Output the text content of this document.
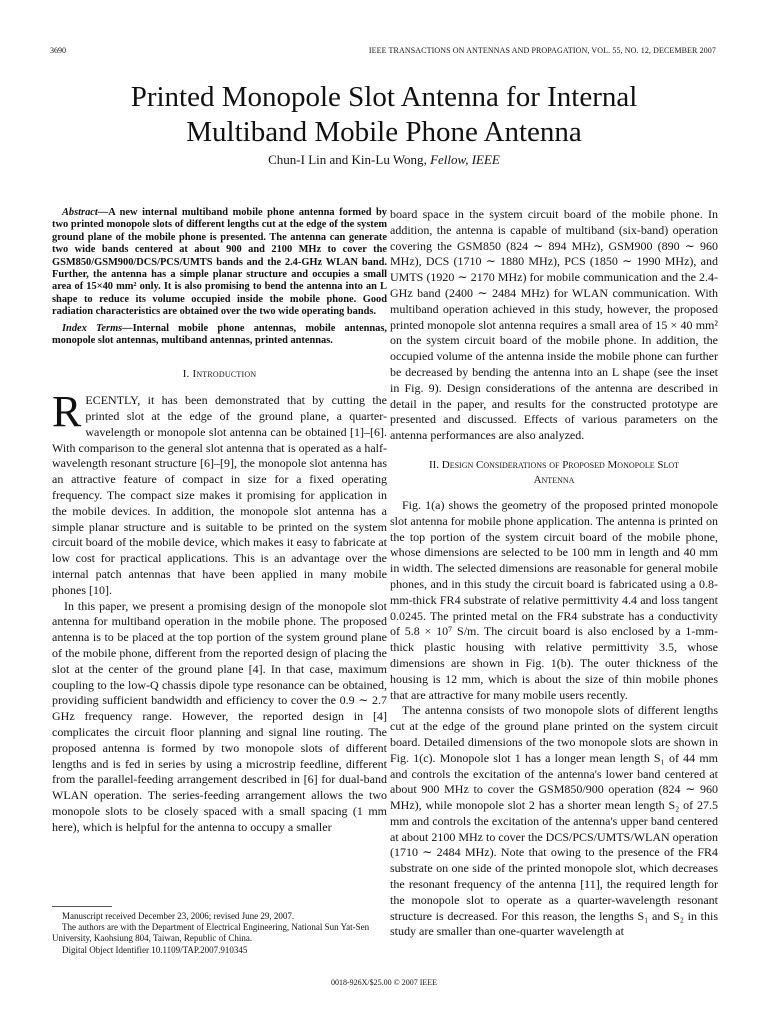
3690	IEEE TRANSACTIONS ON ANTENNAS AND PROPAGATION, VOL. 55, NO. 12, DECEMBER 2007
Printed Monopole Slot Antenna for Internal
Multiband Mobile Phone Antenna
Chun-I Lin and Kin-Lu Wong, Fellow, IEEE

Abstract—A new internal multiband mobile phone antenna formed by two printed monopole slots of different lengths cut at the edge of the system ground plane of the mobile phone is presented. The antenna can generate two wide bands centered at about 900 and 2100 MHz to cover the GSM850/GSM900/DCS/PCS/UMTS bands and the 2.4-GHz WLAN band. Further, the antenna has a simple planar structure and occupies a small area of 15×40 mm² only. It is also promising to bend the antenna into an L shape to reduce its volume occupied inside the mobile phone. Good radiation characteristics are obtained over the two wide operating bands.

Index Terms—Internal mobile phone antennas, mobile antennas, monopole slot antennas, multiband antennas, printed antennas.

I. Introduction

RECENTLY, it has been demonstrated that by cutting the printed slot at the edge of the ground plane, a quarter-wavelength or monopole slot antenna can be obtained [1]–[6]. With comparison to the general slot antenna that is operated as a half-wavelength resonant structure [6]–[9], the monopole slot antenna has an attractive feature of compact in size for a fixed operating frequency. The compact size makes it promising for application in the mobile devices. In addition, the monopole slot antenna has a simple planar structure and is suitable to be printed on the system circuit board of the mobile device, which makes it easy to fabricate at low cost for practical applications. This is an advantage over the internal patch antennas that have been applied in many mobile phones [10].

In this paper, we present a promising design of the monopole slot antenna for multiband operation in the mobile phone. The proposed antenna is to be placed at the top portion of the system ground plane of the mobile phone, different from the reported design of placing the slot at the center of the ground plane [4]. In that case, maximum coupling to the low-Q chassis dipole type resonance can be obtained, providing sufficient bandwidth and efficiency to cover the 0.9 ∼ 2.7 GHz frequency range. However, the reported design in [4] complicates the circuit floor planning and signal line routing. The proposed antenna is formed by two monopole slots of different lengths and is fed in series by using a microstrip feedline, different from the parallel-feeding arrangement described in [6] for dual-band WLAN operation. The series-feeding arrangement allows the two monopole slots to be closely spaced with a small spacing (1 mm here), which is helpful for the antenna to occupy a smaller

Manuscript received December 23, 2006; revised June 29, 2007.

The authors are with the Department of Electrical Engineering, National Sun Yat-Sen University, Kaohsiung 804, Taiwan, Republic of China.

Digital Object Identifier 10.1109/TAP.2007.910345

board space in the system circuit board of the mobile phone. In addition, the antenna is capable of multiband (six-band) operation covering the GSM850 (824 ∼ 894 MHz), GSM900 (890 ∼ 960 MHz), DCS (1710 ∼ 1880 MHz), PCS (1850 ∼ 1990 MHz), and UMTS (1920 ∼ 2170 MHz) for mobile communication and the 2.4-GHz band (2400 ∼ 2484 MHz) for WLAN communication. With multiband operation achieved in this study, however, the proposed printed monopole slot antenna requires a small area of 15 × 40 mm² on the system circuit board of the mobile phone. In addition, the occupied volume of the antenna inside the mobile phone can further be decreased by bending the antenna into an L shape (see the inset in Fig. 9). Design considerations of the antenna are described in detail in the paper, and results for the constructed prototype are presented and discussed. Effects of various parameters on the antenna performances are also analyzed.

II. Design Considerations of Proposed Monopole Slot
Antenna

Fig. 1(a) shows the geometry of the proposed printed monopole slot antenna for mobile phone application. The antenna is printed on the top portion of the system circuit board of the mobile phone, whose dimensions are selected to be 100 mm in length and 40 mm in width. The selected dimensions are reasonable for general mobile phones, and in this study the circuit board is fabricated using a 0.8-mm-thick FR4 substrate of relative permittivity 4.4 and loss tangent 0.0245. The printed metal on the FR4 substrate has a conductivity of 5.8 × 10⁷ S/m. The circuit board is also enclosed by a 1-mm-thick plastic housing with relative permittivity 3.5, whose dimensions are shown in Fig. 1(b). The outer thickness of the housing is 12 mm, which is about the size of thin mobile phones that are attractive for many mobile users recently.

The antenna consists of two monopole slots of different lengths cut at the edge of the ground plane printed on the system circuit board. Detailed dimensions of the two monopole slots are shown in Fig. 1(c). Monopole slot 1 has a longer mean length S₁ of 44 mm and controls the excitation of the antenna's lower band centered at about 900 MHz to cover the GSM850/900 operation (824 ∼ 960 MHz), while monopole slot 2 has a shorter mean length S₂ of 27.5 mm and controls the excitation of the antenna's upper band centered at about 2100 MHz to cover the DCS/PCS/UMTS/WLAN operation (1710 ∼ 2484 MHz). Note that owing to the presence of the FR4 substrate on one side of the printed monopole slot, which decreases the resonant frequency of the antenna [11], the required length for the monopole slot to operate as a quarter-wavelength resonant structure is decreased. For this reason, the lengths S₁ and S₂ in this study are smaller than one-quarter wavelength at

0018-926X/$25.00 © 2007 IEEE
